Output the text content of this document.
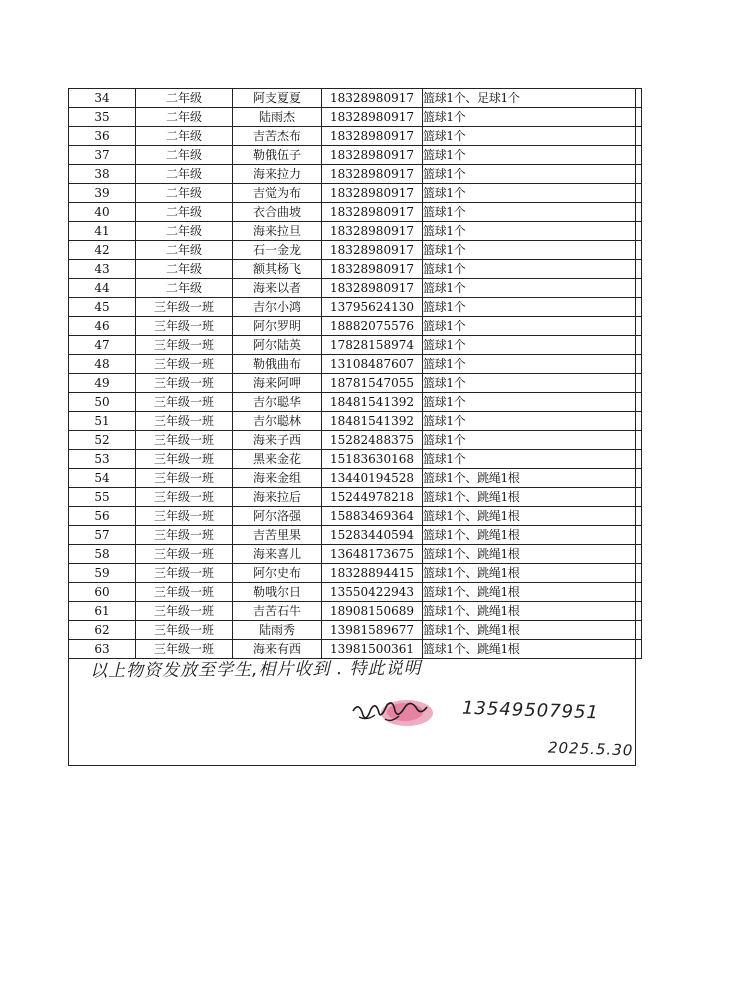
34	二年级	阿支夏夏	18328980917	篮球1个、足球1个
35	二年级	陆雨杰	18328980917	篮球1个
36	二年级	吉苦杰布	18328980917	篮球1个
37	二年级	勒俄伍子	18328980917	篮球1个
38	二年级	海来拉力	18328980917	篮球1个
39	二年级	吉觉为布	18328980917	篮球1个
40	二年级	衣合曲坡	18328980917	篮球1个
41	二年级	海来拉旦	18328980917	篮球1个
42	二年级	石一金龙	18328980917	篮球1个
43	二年级	额其杨飞	18328980917	篮球1个
44	二年级	海来以者	18328980917	篮球1个
45	三年级一班	吉尔小鸿	13795624130	篮球1个
46	三年级一班	阿尔罗明	18882075576	篮球1个
47	三年级一班	阿尔陆英	17828158974	篮球1个
48	三年级一班	勒俄曲布	13108487607	篮球1个
49	三年级一班	海来阿呷	18781547055	篮球1个
50	三年级一班	吉尔聪华	18481541392	篮球1个
51	三年级一班	吉尔聪林	18481541392	篮球1个
52	三年级一班	海来子西	15282488375	篮球1个
53	三年级一班	黑来金花	15183630168	篮球1个
54	三年级一班	海来金组	13440194528	篮球1个、跳绳1根
55	三年级一班	海来拉后	15244978218	篮球1个、跳绳1根
56	三年级一班	阿尔洛强	15883469364	篮球1个、跳绳1根
57	三年级一班	吉苦里果	15283440594	篮球1个、跳绳1根
58	三年级一班	海来喜儿	13648173675	篮球1个、跳绳1根
59	三年级一班	阿尔史布	18328894415	篮球1个、跳绳1根
60	三年级一班	勒哦尔日	13550422943	篮球1个、跳绳1根
61	三年级一班	吉苦石牛	18908150689	篮球1个、跳绳1根
62	三年级一班	陆雨秀	13981589677	篮球1个、跳绳1根
63	三年级一班	海来有西	13981500361	篮球1个、跳绳1根
以上物资发放至学生,相片收到 . 特此说明
13549507951
2025.5.30
